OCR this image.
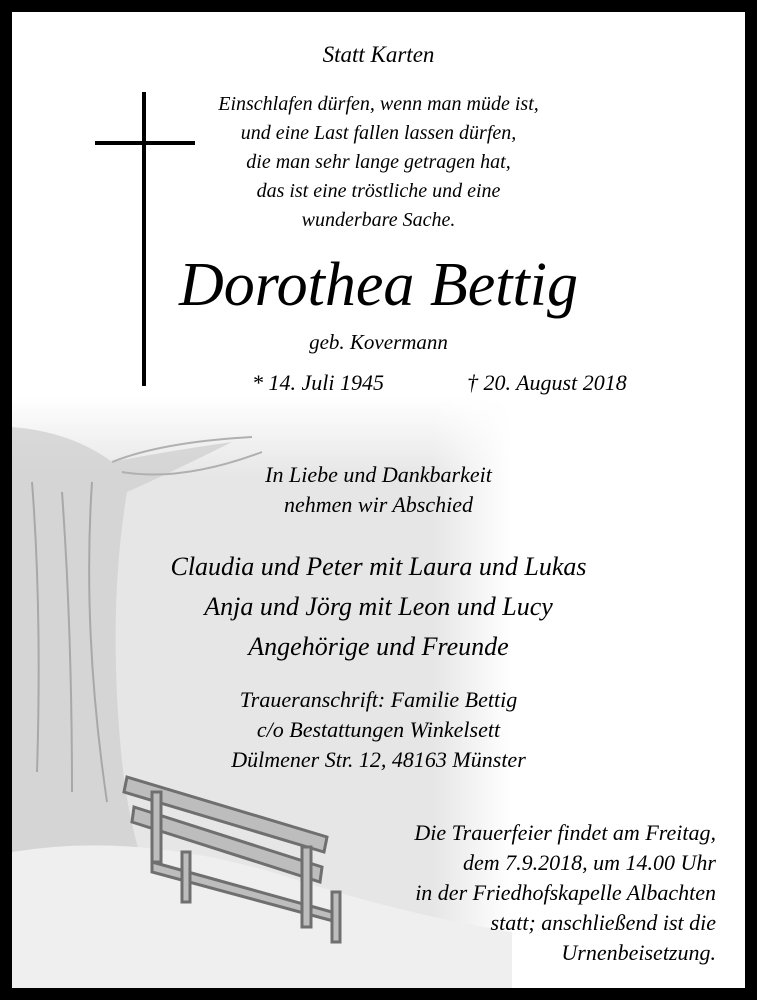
Statt Karten
Einschlafen dürfen, wenn man müde ist,
und eine Last fallen lassen dürfen,
die man sehr lange getragen hat,
das ist eine tröstliche und eine
wunderbare Sache.
Dorothea Bettig
geb. Kovermann
* 14. Juli 1945	† 20. August 2018
In Liebe und Dankbarkeit
nehmen wir Abschied
Claudia und Peter mit Laura und Lukas
Anja und Jörg mit Leon und Lucy
Angehörige und Freunde
Traueranschrift: Familie Bettig
c/o Bestattungen Winkelsett
Dülmener Str. 12, 48163 Münster
Die Trauerfeier findet am Freitag,
dem 7.9.2018, um 14.00 Uhr
in der Friedhofskapelle Albachten
statt; anschließend ist die
Urnenbeisetzung.
